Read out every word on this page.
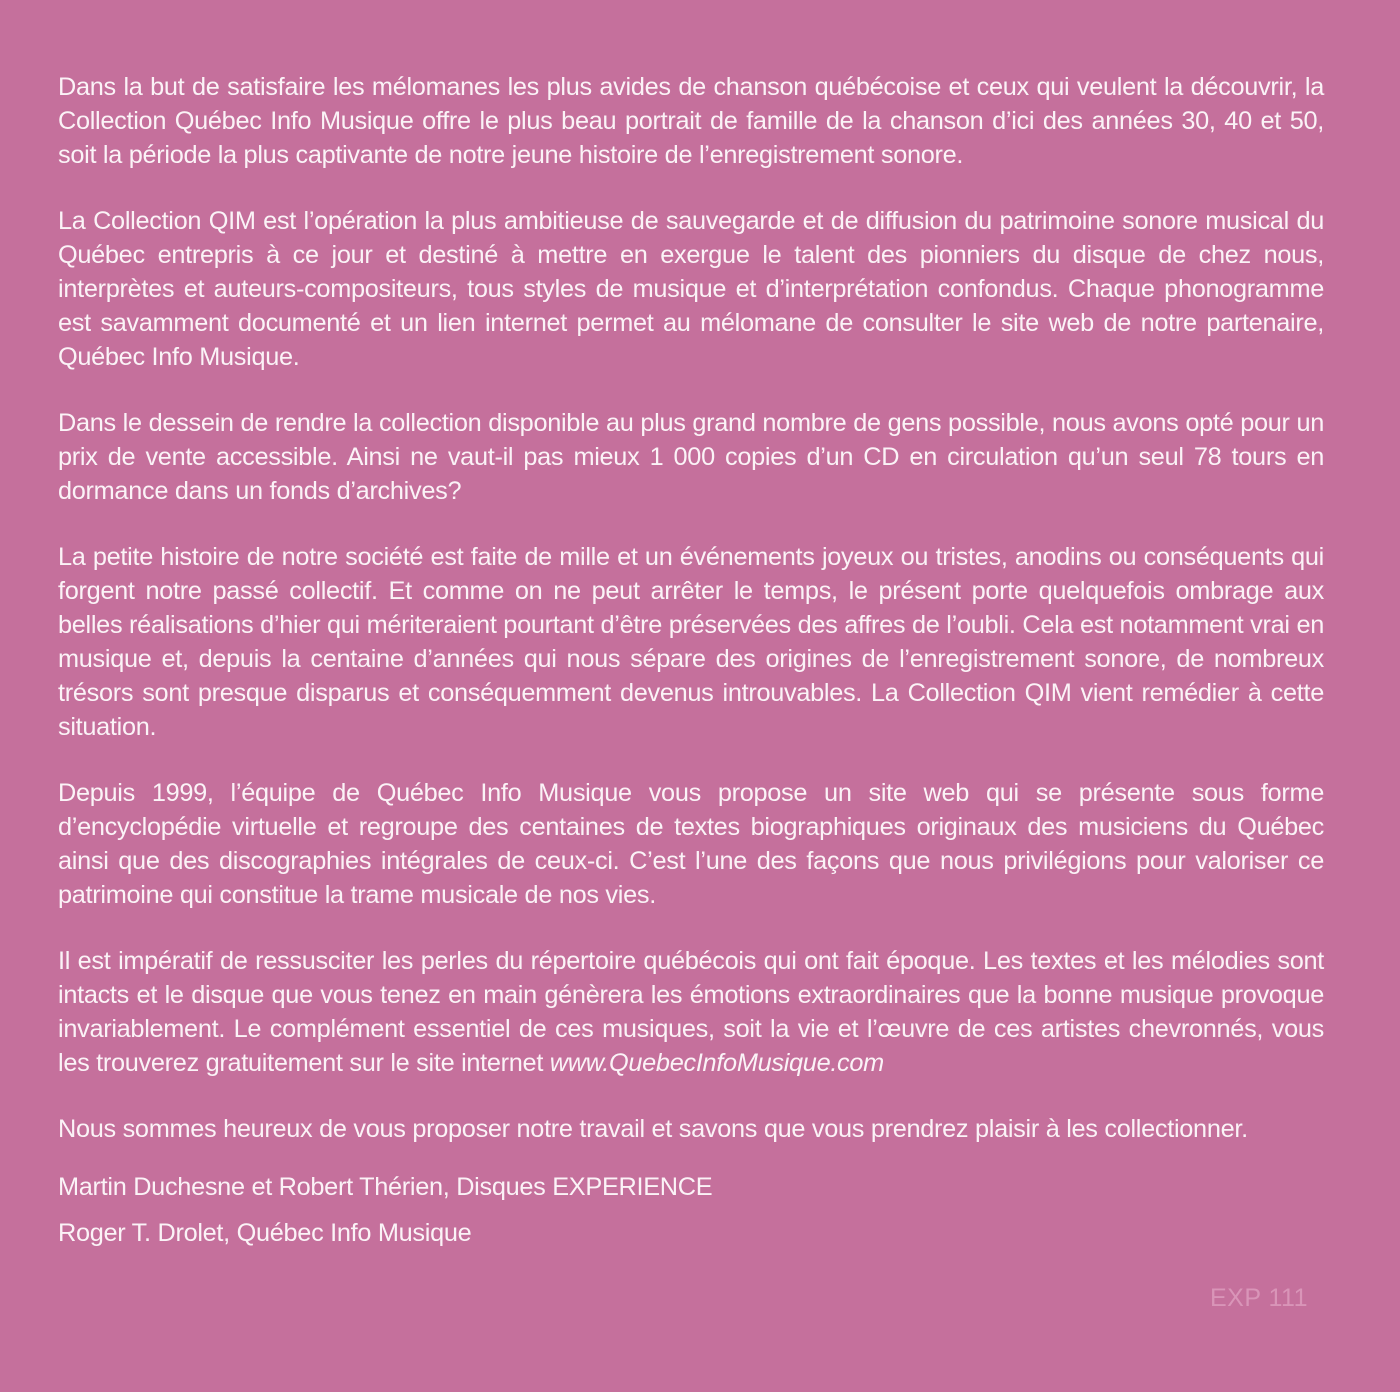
Dans la but de satisfaire les mélomanes les plus avides de chanson québécoise et ceux qui veulent la découvrir, la Collection Québec Info Musique offre le plus beau portrait de famille de la chanson d’ici des années 30, 40 et 50, soit la période la plus captivante de notre jeune histoire de l’enregistrement sonore.

La Collection QIM est l’opération la plus ambitieuse de sauvegarde et de diffusion du patrimoine sonore musical du Québec entrepris à ce jour et destiné à mettre en exergue le talent des pionniers du disque de chez nous, interprètes et auteurs-compositeurs, tous styles de musique et d’interprétation confondus. Chaque phonogramme est savamment documenté et un lien internet permet au mélomane de consulter le site web de notre partenaire, Québec Info Musique.

Dans le dessein de rendre la collection disponible au plus grand nombre de gens possible, nous avons opté pour un prix de vente accessible. Ainsi ne vaut-il pas mieux 1 000 copies d’un CD en circulation qu’un seul 78 tours en dormance dans un fonds d’archives?

La petite histoire de notre société est faite de mille et un événements joyeux ou tristes, anodins ou conséquents qui forgent notre passé collectif. Et comme on ne peut arrêter le temps, le présent porte quelquefois ombrage aux belles réalisations d’hier qui mériteraient pourtant d’être préservées des affres de l’oubli. Cela est notamment vrai en musique et, depuis la centaine d’années qui nous sépare des origines de l’enregistrement sonore, de nombreux trésors sont presque disparus et conséquemment devenus introuvables. La Collection QIM vient remédier à cette situation.

Depuis 1999, l’équipe de Québec Info Musique vous propose un site web qui se présente sous forme d’encyclopédie virtuelle et regroupe des centaines de textes biographiques originaux des musiciens du Québec ainsi que des discographies intégrales de ceux-ci. C’est l’une des façons que nous privilégions pour valoriser ce patrimoine qui constitue la trame musicale de nos vies.

Il est impératif de ressusciter les perles du répertoire québécois qui ont fait époque. Les textes et les mélodies sont intacts et le disque que vous tenez en main génèrera les émotions extraordinaires que la bonne musique provoque invariablement. Le complément essentiel de ces musiques, soit la vie et l’œuvre de ces artistes chevronnés, vous les trouverez gratuitement sur le site internet www.QuebecInfoMusique.com

Nous sommes heureux de vous proposer notre travail et savons que vous prendrez plaisir à les collectionner.

Martin Duchesne et Robert Thérien, Disques EXPERIENCE

Roger T. Drolet, Québec Info Musique

EXP 111
